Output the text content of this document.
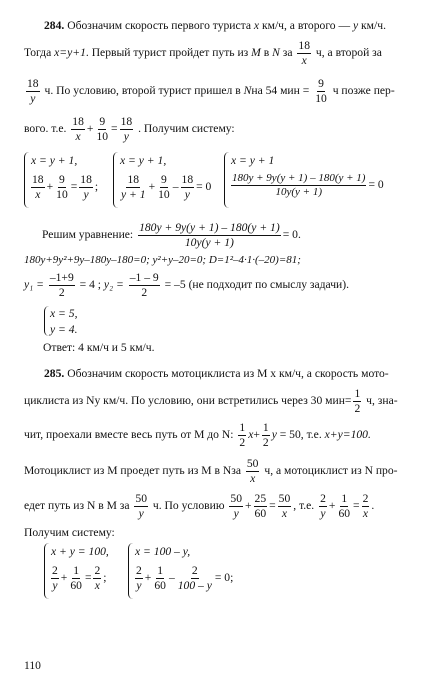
284. Обозначим скорость первого туриста x км/ч, а второго — y км/ч.
Тогда x=y+1. Первый турист пройдет путь из M в N за $\frac{18}{x} ч$, а второй за
$\frac{18}{y} ч$. По условию, второй турист пришел в Nна 54 мин = $\frac{9}{10}$ ч позже пер-
вого. т.е. $\frac{18}{x} + \frac{9}{10} = \frac{18}{y}$ . Получим систему:
x = y + 1,
$\frac{18}{x} + \frac{9}{10} = \frac{18}{y}$ ;
x = y + 1,
$\frac{18}{y + 1} + \frac{9}{10} - \frac{18}{y} = 0$
x = y + 1
$\frac{180y + 9y(y + 1) - 180(y + 1)}{10y(y + 1)} = 0$
Решим уравнение: $\frac{180y + 9y(y + 1) - 180(y + 1)}{10y(y + 1)} = 0$.
180y+9y²+9y–180y–180=0; y²+y–20=0; D=1²–4·1·(–20)=81;
$y_1 = \frac{-1+9}{2} = 4$ ; $y_2 = \frac{-1 - 9}{2} = -5$ (не подходит по смыслу задачи).
x = 5,
y = 4.
Ответ: 4 км/ч и 5 км/ч.
285. Обозначим скорость мотоциклиста из M x км/ч, а скорость мото-
циклиста из Ny км/ч. По условию, они встретились через 30 $мин= \frac{1}{2} ч$, зна-
чит, проехали вместе весь путь от М до N: $\frac{1}{2} x+ \frac{1}{2}$ y = 50, т.е. x+y=100.
Мотоциклист из M проедет путь из M в Nза $\frac{50}{x} ч$, а мотоциклист из N про-
едет путь из N в M за $\frac{50}{y} ч$. По условию $\frac{50}{y} + \frac{25}{60} = \frac{50}{x}$ , т.е. $\frac{2}{y} + \frac{1}{60} = \frac{2}{x}$ .
Получим систему:
x + y = 100,
$\frac{2}{y} + \frac{1}{60} = \frac{2}{x}$ ;
x = 100 – y,
$\frac{2}{y} + \frac{1}{60} - \frac{2}{100 - y} = 0$;
110
